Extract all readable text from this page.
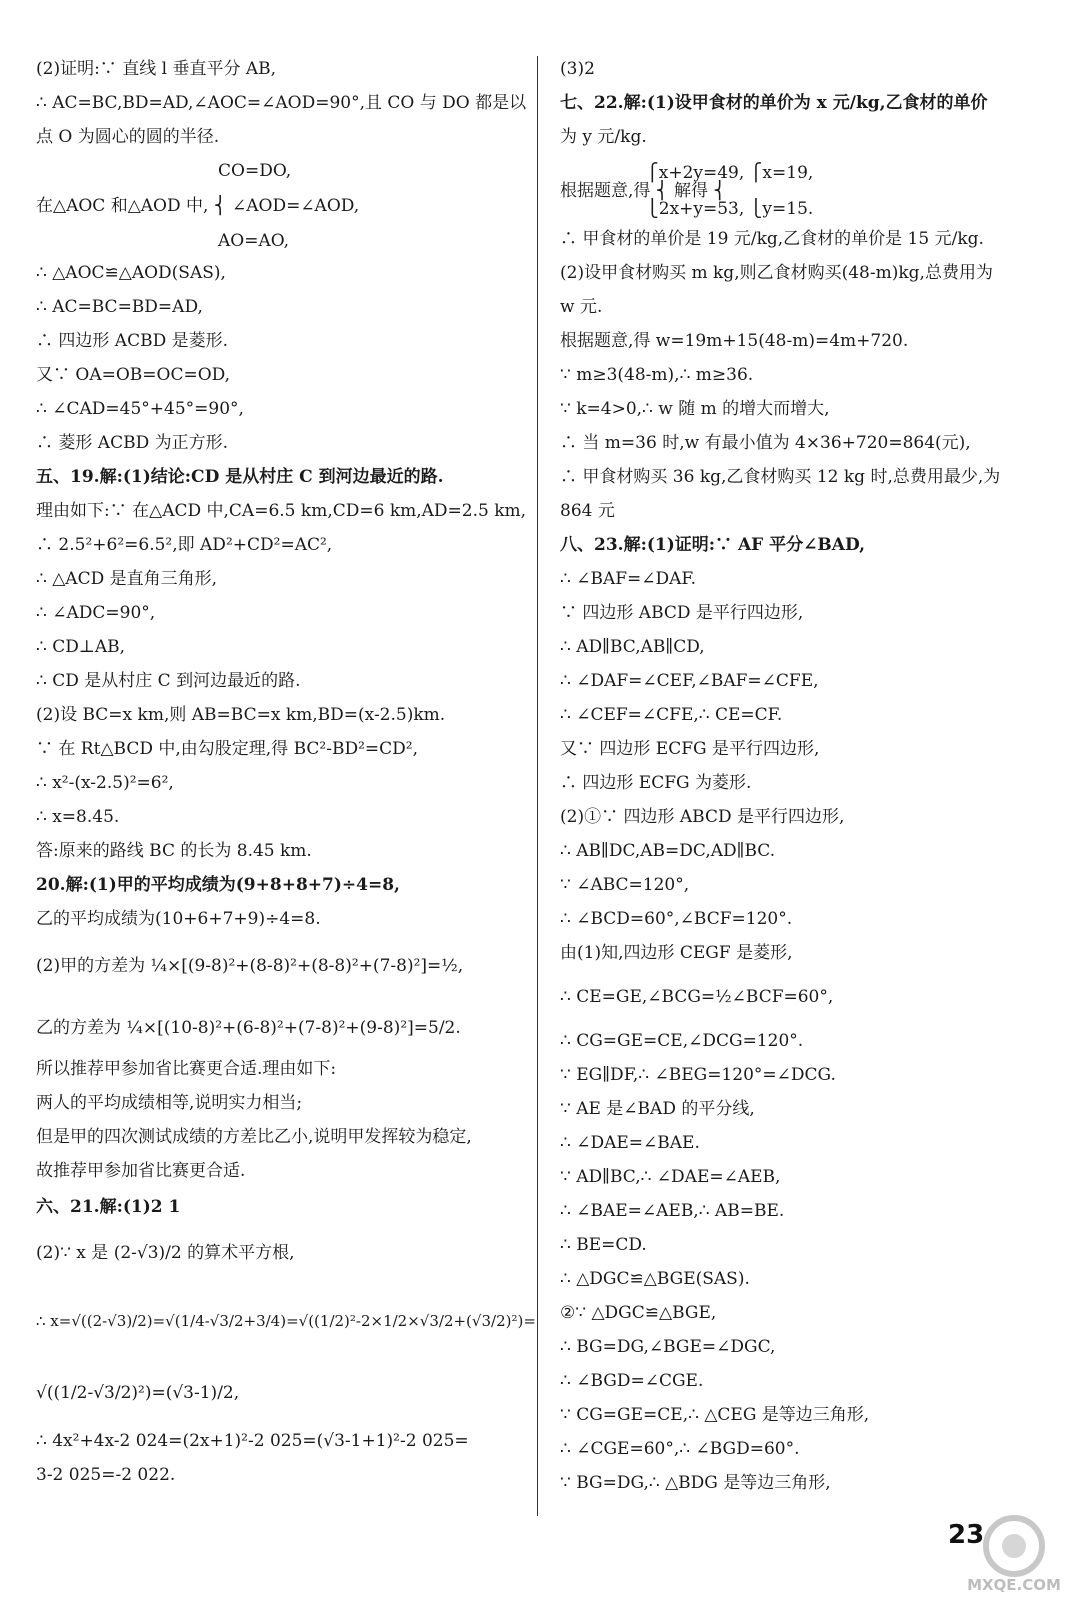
(2)证明:∵ 直线 l 垂直平分 AB,
∴ AC=BC,BD=AD,∠AOC=∠AOD=90°,且 CO 与 DO 都是以
点 O 为圆心的圆的半径.
CO=DO,
在△AOC 和△AOD 中, ⎨ ∠AOD=∠AOD,
AO=AO,
∴ △AOC≌△AOD(SAS),
∴ AC=BC=BD=AD,
∴ 四边形 ACBD 是菱形.
又∵ OA=OB=OC=OD,
∴ ∠CAD=45°+45°=90°,
∴ 菱形 ACBD 为正方形.
五、19.解:(1)结论:CD 是从村庄 C 到河边最近的路.
理由如下:∵ 在△ACD 中,CA=6.5 km,CD=6 km,AD=2.5 km,
∴ 2.5²+6²=6.5²,即 AD²+CD²=AC²,
∴ △ACD 是直角三角形,
∴ ∠ADC=90°,
∴ CD⊥AB,
∴ CD 是从村庄 C 到河边最近的路.
(2)设 BC=x km,则 AB=BC=x km,BD=(x-2.5)km.
∵ 在 Rt△BCD 中,由勾股定理,得 BC²-BD²=CD²,
∴ x²-(x-2.5)²=6²,
∴ x=8.45.
答:原来的路线 BC 的长为 8.45 km.
20.解:(1)甲的平均成绩为(9+8+8+7)÷4=8,
乙的平均成绩为(10+6+7+9)÷4=8.
(2)甲的方差为 ¼×[(9-8)²+(8-8)²+(8-8)²+(7-8)²]=½,
乙的方差为 ¼×[(10-8)²+(6-8)²+(7-8)²+(9-8)²]=5/2.
所以推荐甲参加省比赛更合适.理由如下:
两人的平均成绩相等,说明实力相当;
但是甲的四次测试成绩的方差比乙小,说明甲发挥较为稳定,
故推荐甲参加省比赛更合适.
六、21.解:(1)2 1
(2)∵ x 是 (2-√3)/2 的算术平方根,
∴ x=√((2-√3)/2)=√(1/4-√3/2+3/4)=√((1/2)²-2×1/2×√3/2+(√3/2)²)=
√((1/2-√3/2)²)=(√3-1)/2,
∴ 4x²+4x-2 024=(2x+1)²-2 025=(√3-1+1)²-2 025=
3-2 025=-2 022.
(3)2
七、22.解:(1)设甲食材的单价为 x 元/kg,乙食材的单价
为 y 元/kg.
⎧x+2y=49, ⎧x=19,
根据题意,得 ⎨ 解得 ⎨
⎩2x+y=53, ⎩y=15.
∴ 甲食材的单价是 19 元/kg,乙食材的单价是 15 元/kg.
(2)设甲食材购买 m kg,则乙食材购买(48-m)kg,总费用为
w 元.
根据题意,得 w=19m+15(48-m)=4m+720.
∵ m≥3(48-m),∴ m≥36.
∵ k=4>0,∴ w 随 m 的增大而增大,
∴ 当 m=36 时,w 有最小值为 4×36+720=864(元),
∴ 甲食材购买 36 kg,乙食材购买 12 kg 时,总费用最少,为
864 元
八、23.解:(1)证明:∵ AF 平分∠BAD,
∴ ∠BAF=∠DAF.
∵ 四边形 ABCD 是平行四边形,
∴ AD∥BC,AB∥CD,
∴ ∠DAF=∠CEF,∠BAF=∠CFE,
∴ ∠CEF=∠CFE,∴ CE=CF.
又∵ 四边形 ECFG 是平行四边形,
∴ 四边形 ECFG 为菱形.
(2)①∵ 四边形 ABCD 是平行四边形,
∴ AB∥DC,AB=DC,AD∥BC.
∵ ∠ABC=120°,
∴ ∠BCD=60°,∠BCF=120°.
由(1)知,四边形 CEGF 是菱形,
∴ CE=GE,∠BCG=½∠BCF=60°,
∴ CG=GE=CE,∠DCG=120°.
∵ EG∥DF,∴ ∠BEG=120°=∠DCG.
∵ AE 是∠BAD 的平分线,
∴ ∠DAE=∠BAE.
∵ AD∥BC,∴ ∠DAE=∠AEB,
∴ ∠BAE=∠AEB,∴ AB=BE.
∴ BE=CD.
∴ △DGC≌△BGE(SAS).
②∵ △DGC≌△BGE,
∴ BG=DG,∠BGE=∠DGC,
∴ ∠BGD=∠CGE.
∵ CG=GE=CE,∴ △CEG 是等边三角形,
∴ ∠CGE=60°,∴ ∠BGD=60°.
∵ BG=DG,∴ △BDG 是等边三角形,
MXQE.COM
23
